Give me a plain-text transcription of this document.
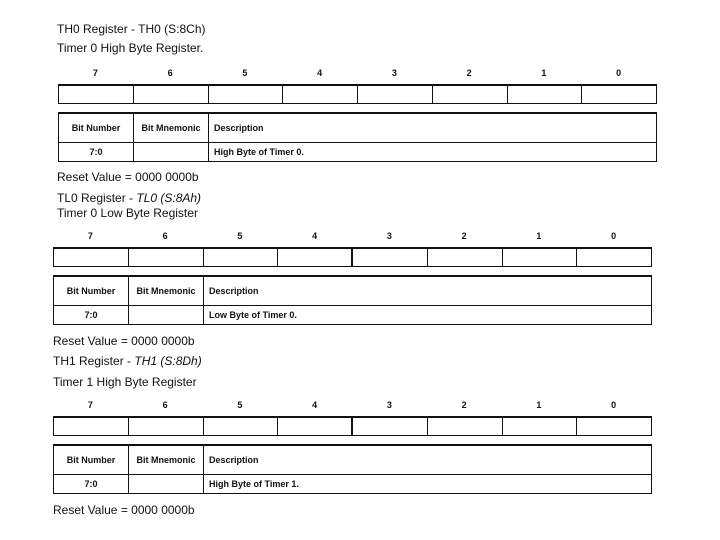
TH0 Register - TH0 (S:8Ch)
Timer 0 High Byte Register.
7	6	5	4	3	2	1	0
Bit Number	Bit Mnemonic	Description
7:0		High Byte of Timer 0.
Reset Value = 0000 0000b
TL0 Register - TL0 (S:8Ah)
Timer 0 Low Byte Register
7	6	5	4	3	2	1	0
Bit Number	Bit Mnemonic	Description
7:0		Low Byte of Timer 0.
Reset Value = 0000 0000b
TH1 Register - TH1 (S:8Dh)
Timer 1 High Byte Register
7	6	5	4	3	2	1	0
Bit Number	Bit Mnemonic	Description
7:0		High Byte of Timer 1.
Reset Value = 0000 0000b
